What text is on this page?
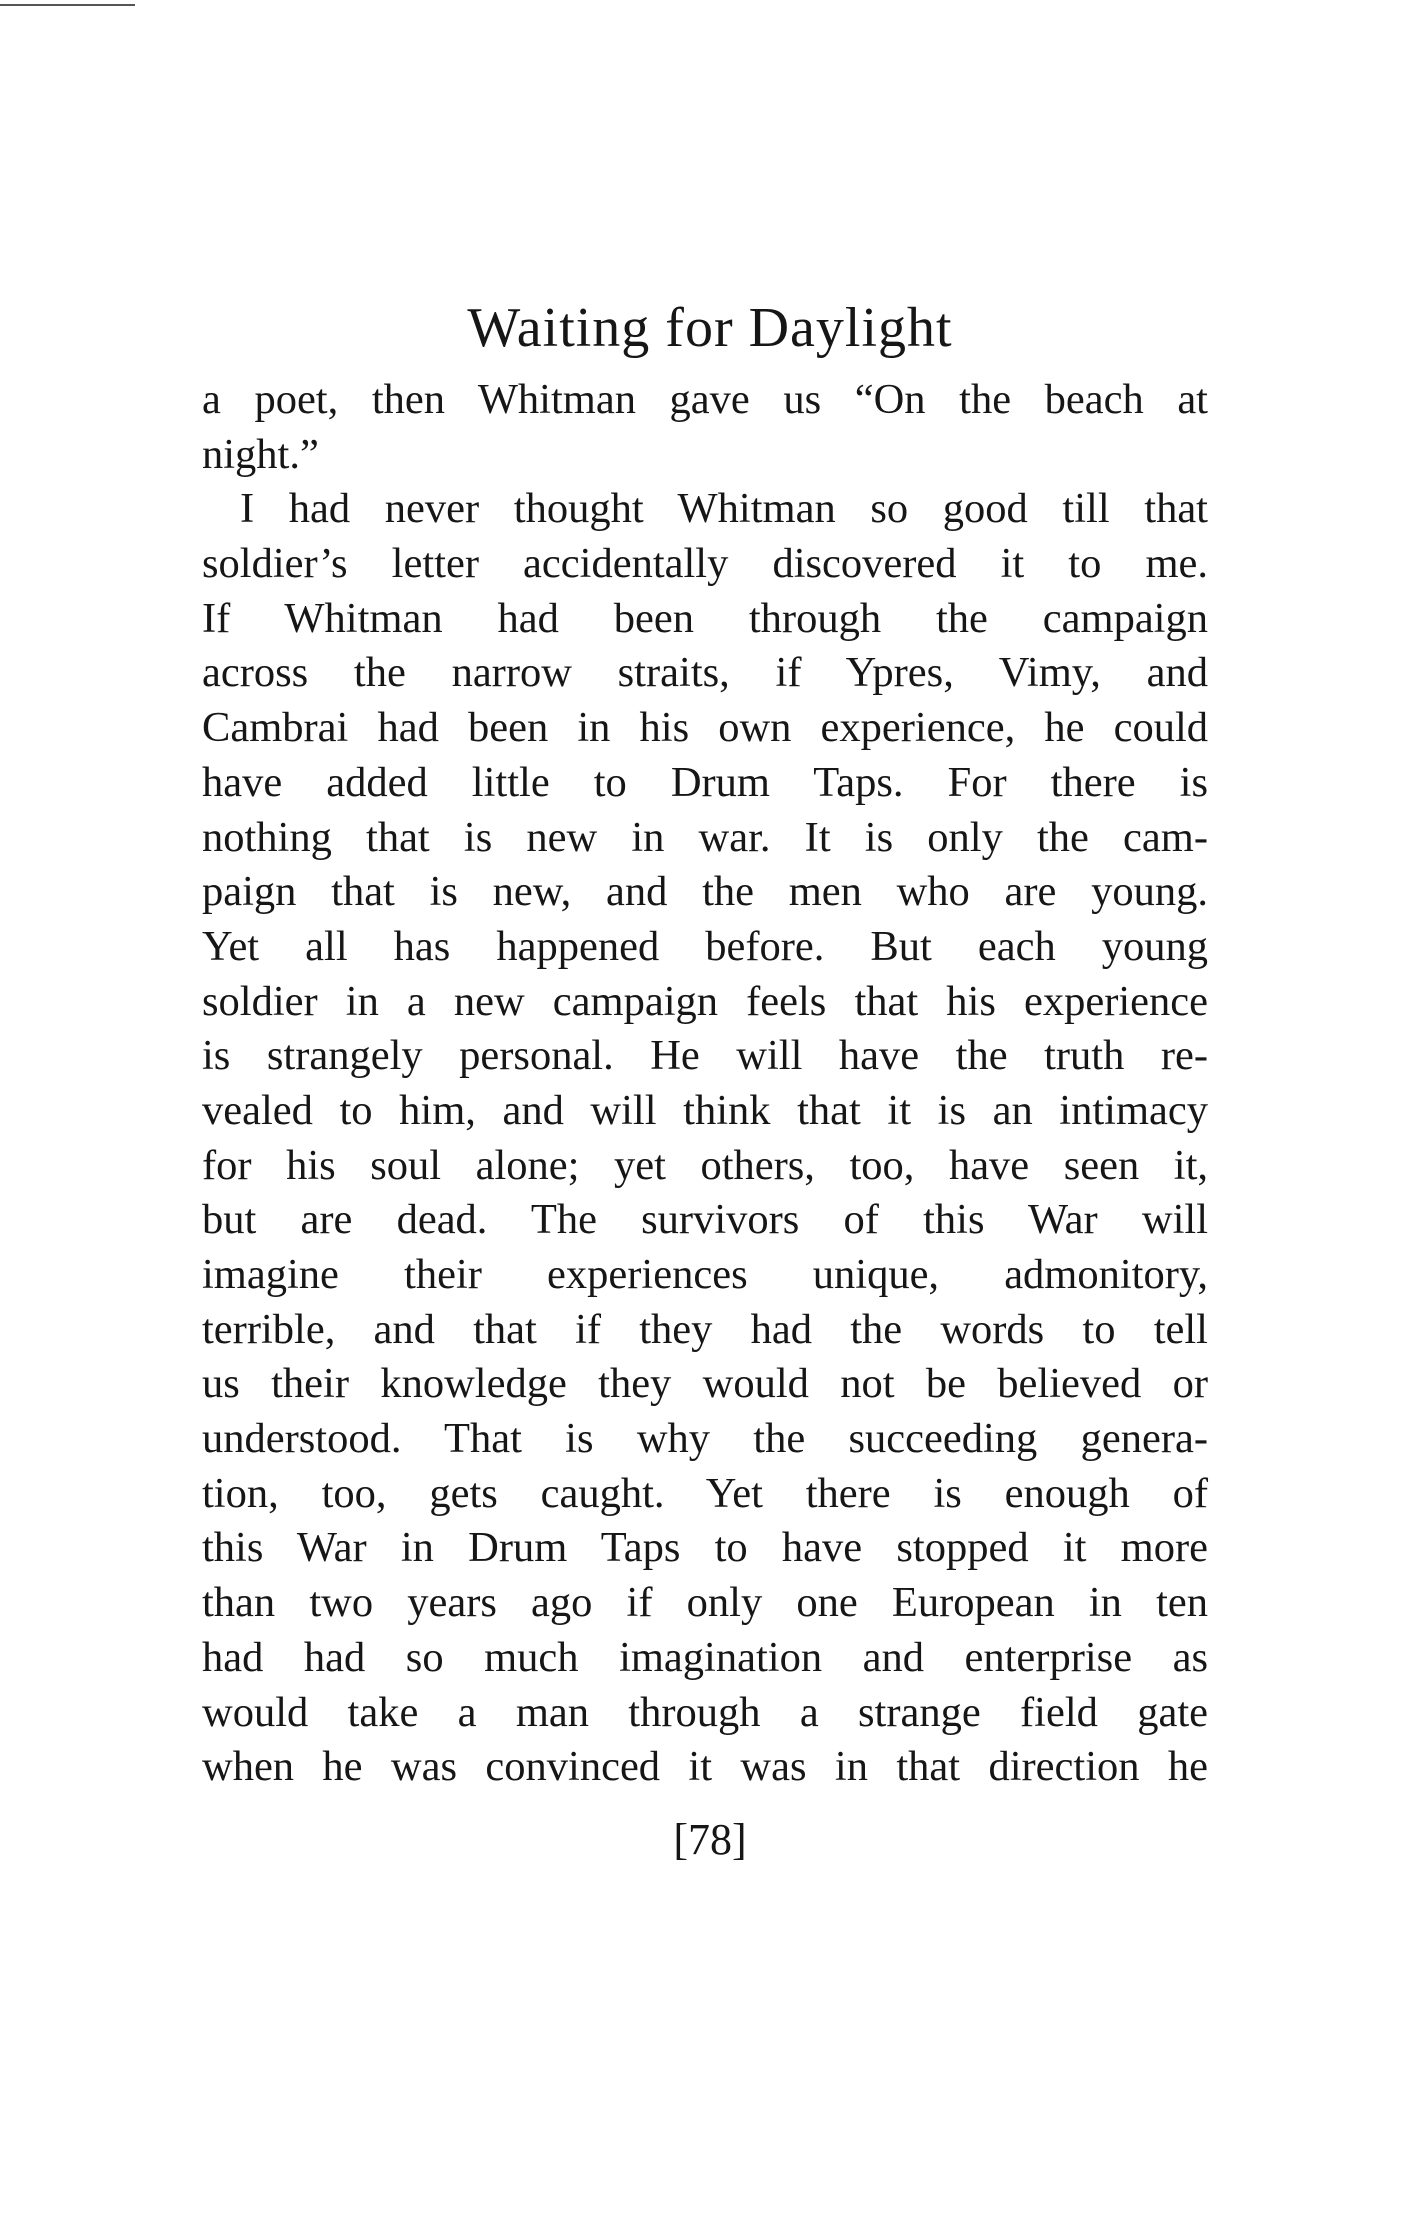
Waiting for Daylight
a poet, then Whitman gave us “On the beach at
night.”
I had never thought Whitman so good till that
soldier’s letter accidentally discovered it to me.
If Whitman had been through the campaign
across the narrow straits, if Ypres, Vimy, and
Cambrai had been in his own experience, he could
have added little to Drum Taps. For there is
nothing that is new in war. It is only the cam-
paign that is new, and the men who are young.
Yet all has happened before. But each young
soldier in a new campaign feels that his experience
is strangely personal. He will have the truth re-
vealed to him, and will think that it is an intimacy
for his soul alone; yet others, too, have seen it,
but are dead. The survivors of this War will
imagine their experiences unique, admonitory,
terrible, and that if they had the words to tell
us their knowledge they would not be believed or
understood. That is why the succeeding genera-
tion, too, gets caught. Yet there is enough of
this War in Drum Taps to have stopped it more
than two years ago if only one European in ten
had had so much imagination and enterprise as
would take a man through a strange field gate
when he was convinced it was in that direction he
[78]
